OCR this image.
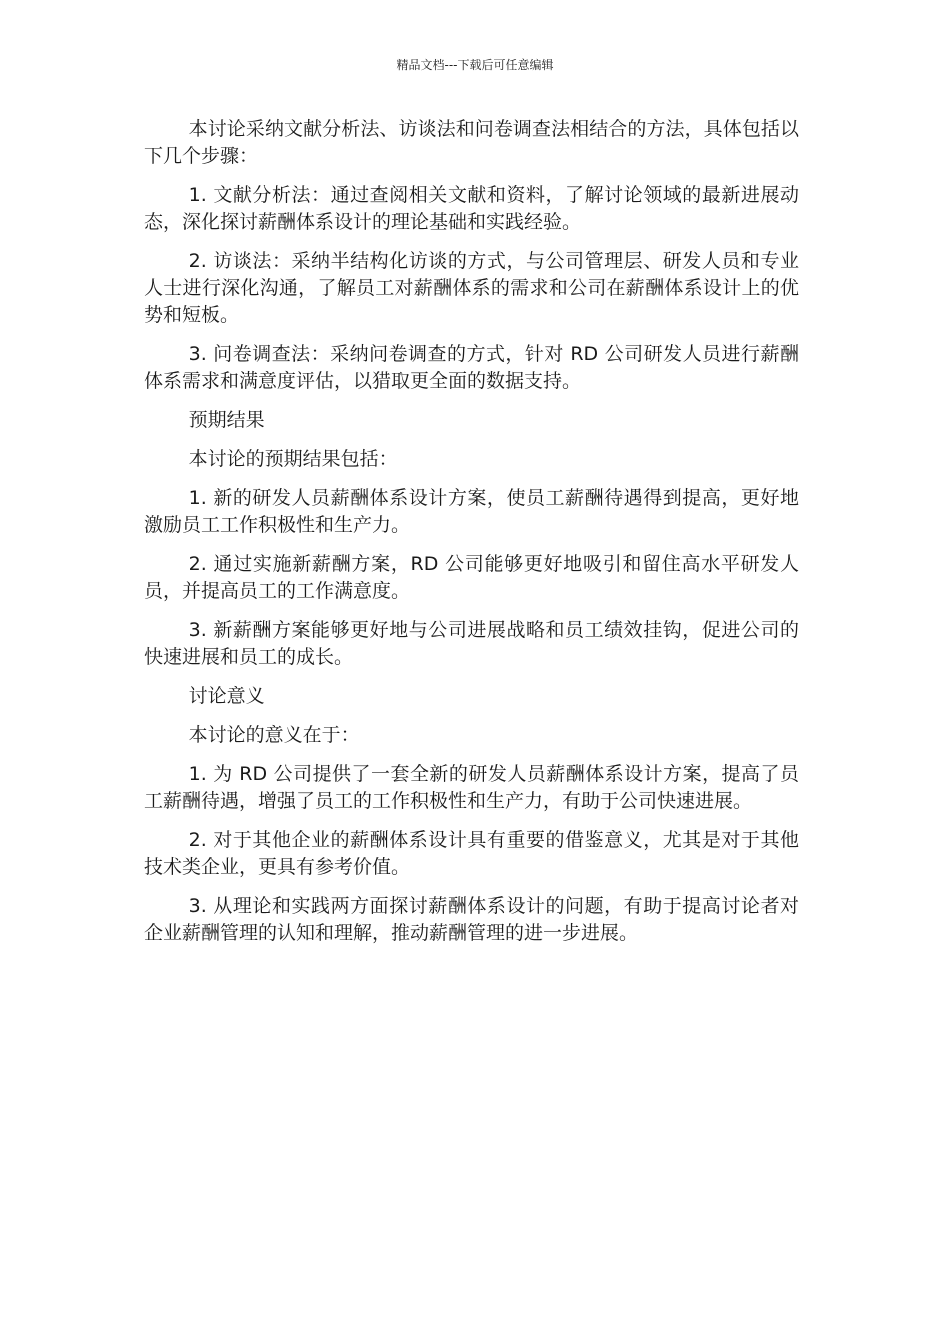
精品文档---下载后可任意编辑

本讨论采纳文献分析法、访谈法和问卷调查法相结合的方法，具体包括以下几个步骤：

1. 文献分析法：通过查阅相关文献和资料，了解讨论领域的最新进展动态，深化探讨薪酬体系设计的理论基础和实践经验。

2. 访谈法：采纳半结构化访谈的方式，与公司管理层、研发人员和专业人士进行深化沟通，了解员工对薪酬体系的需求和公司在薪酬体系设计上的优势和短板。

3. 问卷调查法：采纳问卷调查的方式，针对 RD 公司研发人员进行薪酬体系需求和满意度评估，以猎取更全面的数据支持。

预期结果

本讨论的预期结果包括：

1. 新的研发人员薪酬体系设计方案，使员工薪酬待遇得到提高，更好地激励员工工作积极性和生产力。

2. 通过实施新薪酬方案，RD 公司能够更好地吸引和留住高水平研发人员，并提高员工的工作满意度。

3. 新薪酬方案能够更好地与公司进展战略和员工绩效挂钩，促进公司的快速进展和员工的成长。

讨论意义

本讨论的意义在于：

1. 为 RD 公司提供了一套全新的研发人员薪酬体系设计方案，提高了员工薪酬待遇，增强了员工的工作积极性和生产力，有助于公司快速进展。

2. 对于其他企业的薪酬体系设计具有重要的借鉴意义，尤其是对于其他技术类企业，更具有参考价值。

3. 从理论和实践两方面探讨薪酬体系设计的问题，有助于提高讨论者对企业薪酬管理的认知和理解，推动薪酬管理的进一步进展。
